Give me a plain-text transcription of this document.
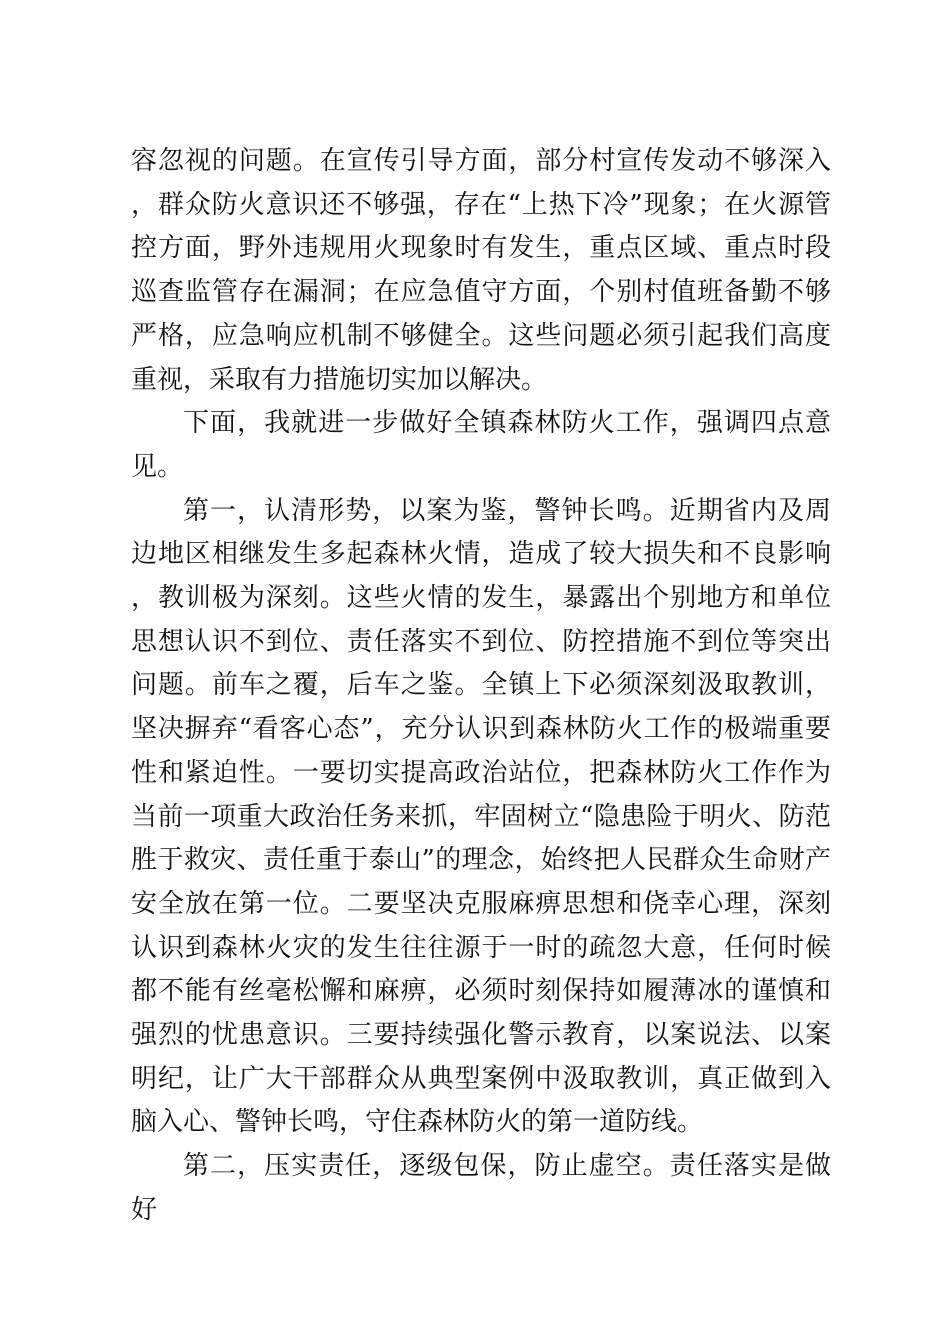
容忽视的问题。在宣传引导方面，部分村宣传发动不够深入，群众防火意识还不够强，存在“上热下冷”现象；在火源管控方面，野外违规用火现象时有发生，重点区域、重点时段巡查监管存在漏洞；在应急值守方面，个别村值班备勤不够严格，应急响应机制不够健全。这些问题必须引起我们高度重视，采取有力措施切实加以解决。

下面，我就进一步做好全镇森林防火工作，强调四点意见。

第一，认清形势，以案为鉴，警钟长鸣。近期省内及周边地区相继发生多起森林火情，造成了较大损失和不良影响，教训极为深刻。这些火情的发生，暴露出个别地方和单位思想认识不到位、责任落实不到位、防控措施不到位等突出问题。前车之覆，后车之鉴。全镇上下必须深刻汲取教训，坚决摒弃“看客心态”，充分认识到森林防火工作的极端重要性和紧迫性。一要切实提高政治站位，把森林防火工作作为当前一项重大政治任务来抓，牢固树立“隐患险于明火、防范胜于救灾、责任重于泰山”的理念，始终把人民群众生命财产安全放在第一位。二要坚决克服麻痹思想和侥幸心理，深刻认识到森林火灾的发生往往源于一时的疏忽大意，任何时候都不能有丝毫松懈和麻痹，必须时刻保持如履薄冰的谨慎和强烈的忧患意识。三要持续强化警示教育，以案说法、以案明纪，让广大干部群众从典型案例中汲取教训，真正做到入脑入心、警钟长鸣，守住森林防火的第一道防线。

第二，压实责任，逐级包保，防止虚空。责任落实是做好
